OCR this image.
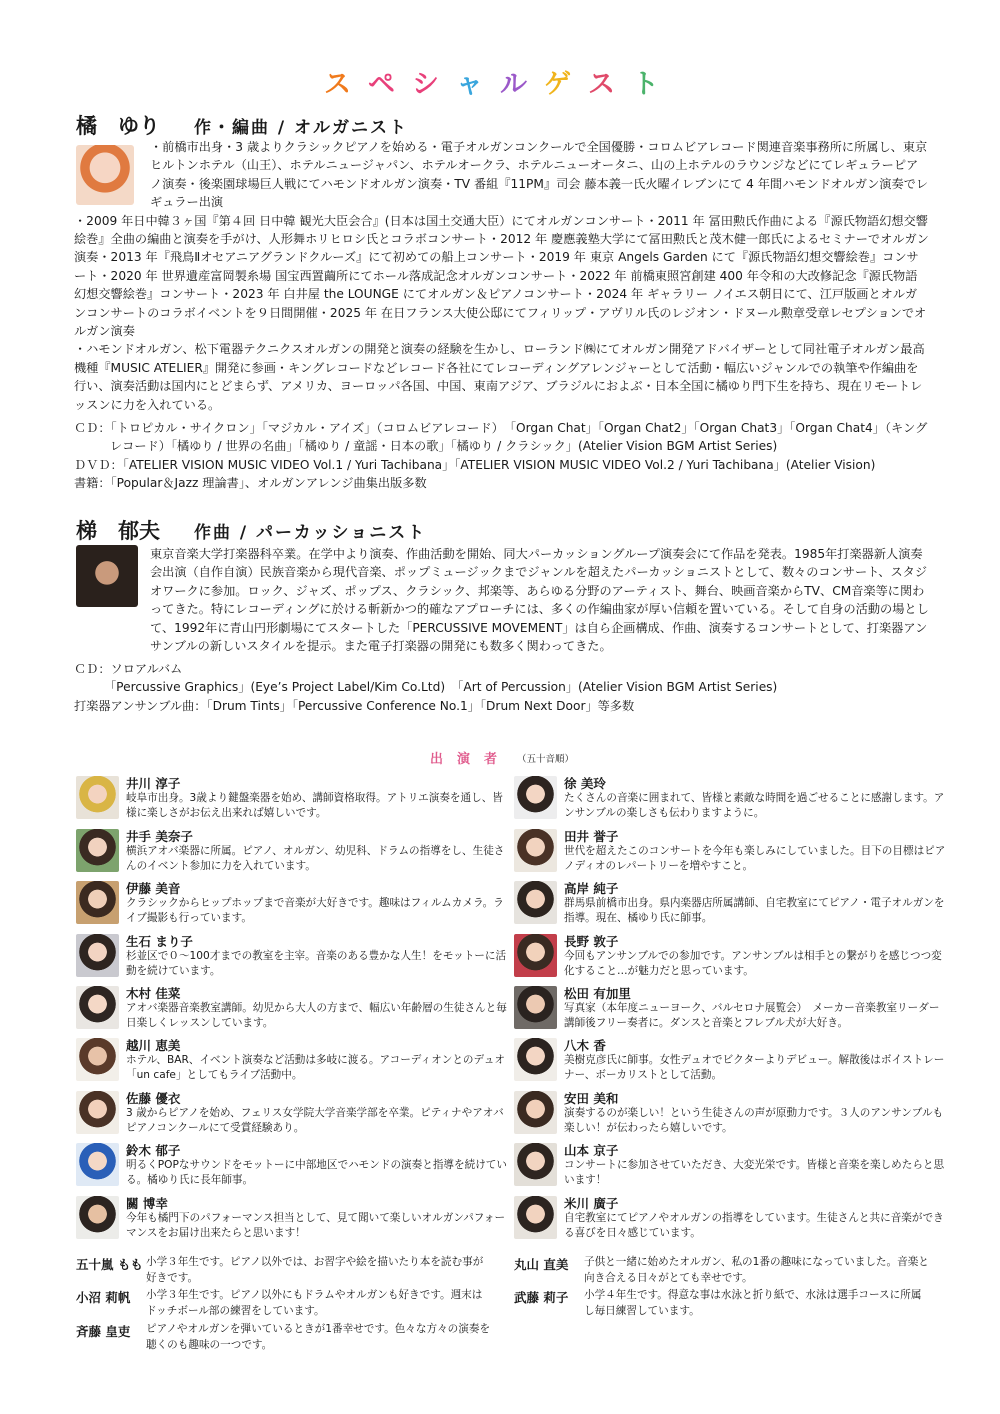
スペシャルゲスト
橘　ゆり 作・編曲 / オルガニスト

・前橋市出身・3 歳よりクラシックピアノを始める・電子オルガンコンクールで全国優勝・コロムビアレコード関連音楽事務所に所属し、東京ヒルトンホテル（山王）、ホテルニュージャパン、ホテルオークラ、ホテルニューオータニ、山の上ホテルのラウンジなどにてレギュラーピアノ演奏・後楽園球場巨人戦にてハモンドオルガン演奏・TV 番組『11PM』司会 藤本義一氏火曜イレブンにて 4 年間ハモンドオルガン演奏でレギュラー出演

・2009 年日中韓３ヶ国『第４回 日中韓 観光大臣会合』(日本は国土交通大臣）にてオルガンコンサート・2011 年 冨田勲氏作曲による『源氏物語幻想交響絵巻』全曲の編曲と演奏を手がけ、人形舞ホリヒロシ氏とコラボコンサート・2012 年 慶應義塾大学にて冨田勲氏と茂木健一郎氏によるセミナーでオルガン演奏・2013 年『飛鳥Ⅱオセアニアグランドクルーズ』にて初めての船上コンサート・2019 年 東京 Angels Garden にて『源氏物語幻想交響絵巻』コンサート・2020 年 世界遺産富岡製糸場 国宝西置繭所にてホール落成記念オルガンコンサート・2022 年 前橋東照宮創建 400 年令和の大改修記念『源氏物語幻想交響絵巻』コンサート・2023 年 白井屋 the LOUNGE にてオルガン＆ピアノコンサート・2024 年 ギャラリー ノイエス朝日にて、江戸版画とオルガンコンサートのコラボイベントを９日間開催・2025 年 在日フランス大使公邸にてフィリップ・アヴリル氏のレジオン・ドヌール勲章受章レセプションでオルガン演奏

・ハモンドオルガン、松下電器テクニクスオルガンの開発と演奏の経験を生かし、ローランド㈱にてオルガン開発アドバイザーとして同社電子オルガン最高機種『MUSIC ATELIER』開発に参画・キングレコードなどレコード各社にてレコーディングアレンジャーとして活動・幅広いジャンルでの執筆や作編曲を行い、演奏活動は国内にとどまらず、アメリカ、ヨーロッパ各国、中国、東南アジア、ブラジルにおよぶ・日本全国に橘ゆり門下生を持ち、現在リモートレッスンに力を入れている。

ＣＤ：「トロピカル・サイクロン」「マジカル・アイズ」（コロムビアレコード）　「Organ Chat」「Organ Chat2」「Organ Chat3」「Organ Chat4」（キング

レコード）「橘ゆり / 世界の名曲」「橘ゆり / 童謡・日本の歌」「橘ゆり / クラシック」(Atelier Vision BGM Artist Series)

ＤＶＤ：「ATELIER VISION MUSIC VIDEO Vol.1 / Yuri Tachibana」「ATELIER VISION MUSIC VIDEO Vol.2 / Yuri Tachibana」(Atelier Vision)

書籍：「Popular＆Jazz 理論書」、オルガンアレンジ曲集出版多数

梯　郁夫 作曲 / パーカッショニスト

東京音楽大学打楽器科卒業。在学中より演奏、作曲活動を開始、同大パーカッショングループ演奏会にて作品を発表。1985年打楽器新人演奏会出演（自作自演）民族音楽から現代音楽、ポップミュージックまでジャンルを超えたパーカッショニストとして、数々のコンサート、スタジオワークに参加。ロック、ジャズ、ポップス、クラシック、邦楽等、あらゆる分野のアーティスト、舞台、映画音楽からTV、CM音楽等に関わってきた。特にレコーディングに於ける斬新かつ的確なアプローチには、多くの作編曲家が厚い信頼を置いている。そして自身の活動の場として、1992年に青山円形劇場にてスタートした「PERCUSSIVE MOVEMENT」は自ら企画構成、作曲、演奏するコンサートとして、打楽器アンサンブルの新しいスタイルを提示。また電子打楽器の開発にも数多く関わってきた。

ＣＤ：ソロアルバム

「Percussive Graphics」(Eye’s Project Label/Kim Co.Ltd)　「Art of Percussion」(Atelier Vision BGM Artist Series)

打楽器アンサンブル曲：「Drum Tints」「Percussive Conference No.1」「Drum Next Door」等多数

出演者 （五十音順）
井川 淳子
岐阜市出身。3歳より鍵盤楽器を始め、講師資格取得。アトリエ演奏を通し、皆様に楽しさがお伝え出来れば嬉しいです。
井手 美奈子
横浜アオバ楽器に所属。ピアノ、オルガン、幼児科、ドラムの指導をし、生徒さんのイベント参加に力を入れています。
伊藤 美音
クラシックからヒップホップまで音楽が大好きです。趣味はフィルムカメラ。ライブ撮影も行っています。
生石 まり子
杉並区で０〜100才までの教室を主宰。音楽のある豊かな人生！をモットーに活動を続けています。
木村 佳菜
アオバ楽器音楽教室講師。幼児から大人の方まで、幅広い年齢層の生徒さんと毎日楽しくレッスンしています。
越川 恵美
ホテル、BAR、イベント演奏など活動は多岐に渡る。アコーディオンとのデュオ「un cafe」としてもライブ活動中。
佐藤 優衣
3 歳からピアノを始め、フェリス女学院大学音楽学部を卒業。ピティナやアオバピアノコンクールにて受賞経験あり。
鈴木 郁子
明るくPOPなサウンドをモットーに中部地区でハモンドの演奏と指導を続けている。橘ゆり氏に長年師事。
關 博幸
今年も橘門下のパフォーマンス担当として、見て聞いて楽しいオルガンパフォーマンスをお届け出来たらと思います！
徐 美玲
たくさんの音楽に囲まれて、皆様と素敵な時間を過ごせることに感謝します。アンサンブルの楽しさも伝わりますように。
田井 誉子
世代を超えたこのコンサートを今年も楽しみにしていました。目下の目標はピアノディオのレパートリーを増やすこと。
高岸 純子
群馬県前橋市出身。県内楽器店所属講師、自宅教室にてピアノ・電子オルガンを指導。現在、橘ゆり氏に師事。
長野 敦子
今回もアンサンブルでの参加です。アンサンブルは相手との繋がりを感じつつ変化すること…が魅力だと思っています。
松田 有加里
写真家（本年度ニューヨーク、バルセロナ展覧会）　メーカー音楽教室リーダー講師後フリー奏者に。ダンスと音楽とフレブル犬が大好き。
八木 香
美樹克彦氏に師事。女性デュオでビクターよりデビュー。解散後はボイストレーナー、ボーカリストとして活動。
安田 美和
演奏するのが楽しい！という生徒さんの声が原動力です。３人のアンサンブルも楽しい！が伝わったら嬉しいです。
山本 京子
コンサートに参加させていただき、大変光栄です。皆様と音楽を楽しめたらと思います！
米川 廣子
自宅教室にてピアノやオルガンの指導をしています。生徒さんと共に音楽ができる喜びを日々感じています。
五十嵐 もも 小学３年生です。ピアノ以外では、お習字や絵を描いたり本を読む事が好きです。
小沼 莉帆 小学３年生です。ピアノ以外にもドラムやオルガンも好きです。週末はドッチボール部の練習をしています。
斉藤 皇吏 ピアノやオルガンを弾いているときが1番幸せです。色々な方々の演奏を聴くのも趣味の一つです。
丸山 直美 子供と一緒に始めたオルガン、私の1番の趣味になっていました。音楽と向き合える日々がとても幸せです。
武藤 莉子 小学４年生です。得意な事は水泳と折り紙で、水泳は選手コースに所属し毎日練習しています。
